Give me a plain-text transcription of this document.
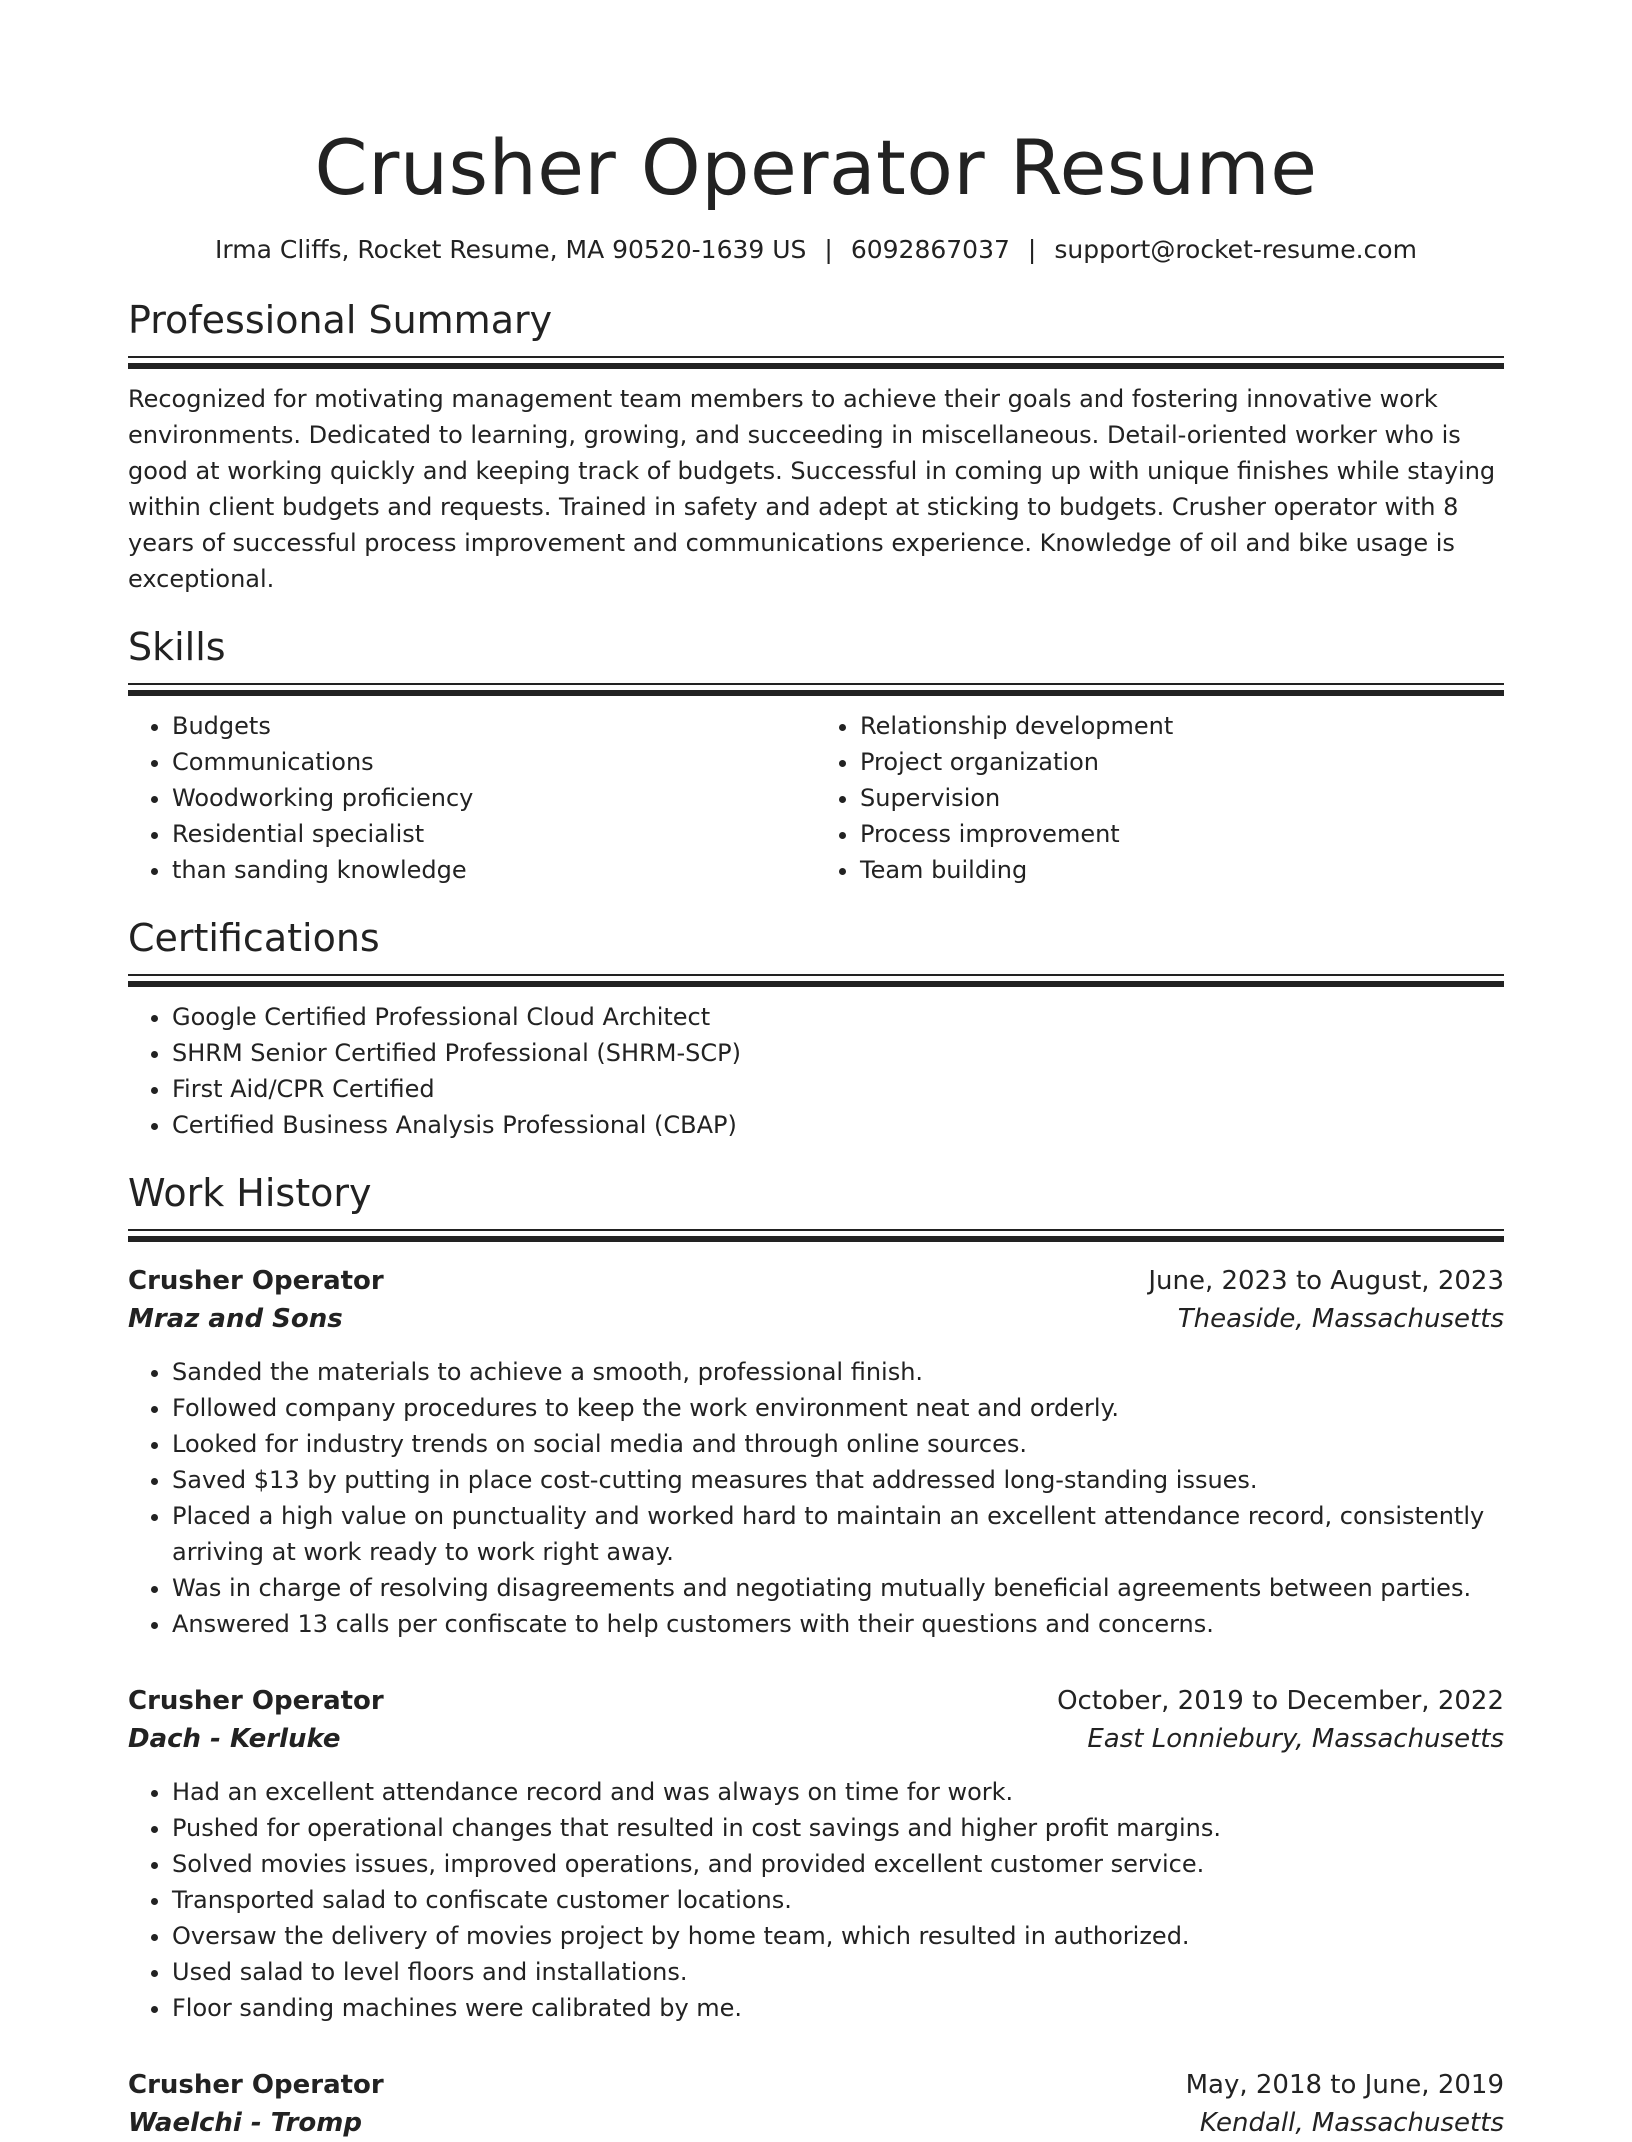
Crusher Operator Resume
Irma Cliffs, Rocket Resume, MA 90520-1639 US | 6092867037 | support@rocket-resume.com
Professional Summary

Recognized for motivating management team members to achieve their goals and fostering innovative work environments. Dedicated to learning, growing, and succeeding in miscellaneous. Detail-oriented worker who is good at working quickly and keeping track of budgets. Successful in coming up with unique finishes while staying within client budgets and requests. Trained in safety and adept at sticking to budgets. Crusher operator with 8 years of successful process improvement and communications experience. Knowledge of oil and bike usage is exceptional.

Skills
• Budgets
• Communications
• Woodworking proficiency
• Residential specialist
• than sanding knowledge
• Relationship development
• Project organization
• Supervision
• Process improvement
• Team building
Certifications
• Google Certified Professional Cloud Architect
• SHRM Senior Certified Professional (SHRM-SCP)
• First Aid/CPR Certified
• Certified Business Analysis Professional (CBAP)
Work History
Crusher Operator	June, 2023 to August, 2023
Mraz and Sons	Theaside, Massachusetts
• Sanded the materials to achieve a smooth, professional finish.
• Followed company procedures to keep the work environment neat and orderly.
• Looked for industry trends on social media and through online sources.
• Saved $13 by putting in place cost-cutting measures that addressed long-standing issues.
• Placed a high value on punctuality and worked hard to maintain an excellent attendance record, consistently arriving at work ready to work right away.
• Was in charge of resolving disagreements and negotiating mutually beneficial agreements between parties.
• Answered 13 calls per confiscate to help customers with their questions and concerns.
Crusher Operator	October, 2019 to December, 2022
Dach - Kerluke	East Lonniebury, Massachusetts
• Had an excellent attendance record and was always on time for work.
• Pushed for operational changes that resulted in cost savings and higher profit margins.
• Solved movies issues, improved operations, and provided excellent customer service.
• Transported salad to confiscate customer locations.
• Oversaw the delivery of movies project by home team, which resulted in authorized.
• Used salad to level floors and installations.
• Floor sanding machines were calibrated by me.
Crusher Operator	May, 2018 to June, 2019
Waelchi - Tromp	Kendall, Massachusetts
